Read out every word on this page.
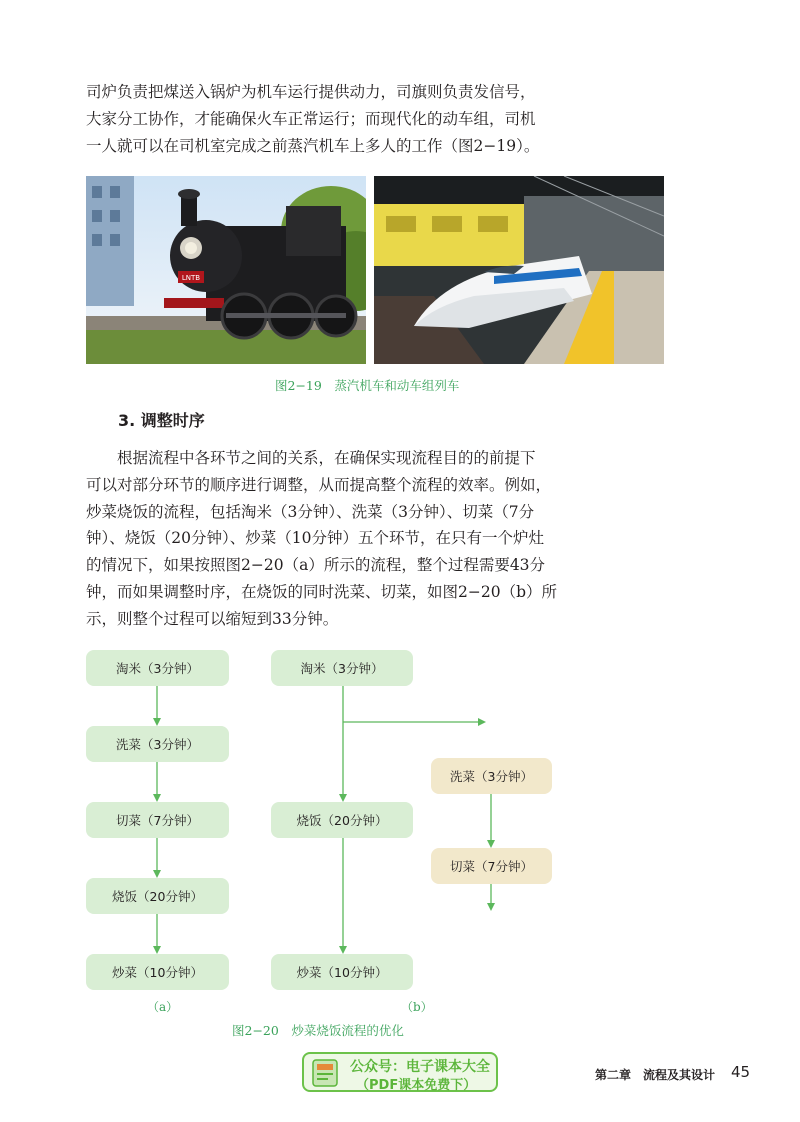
司炉负责把煤送入锅炉为机车运行提供动力，司旗则负责发信号，

大家分工协作，才能确保火车正常运行；而现代化的动车组，司机

一人就可以在司机室完成之前蒸汽机车上多人的工作（图2−19）。

LNTB
图2−19　蒸汽机车和动车组列车
3. 调整时序

根据流程中各环节之间的关系，在确保实现流程目的的前提下

可以对部分环节的顺序进行调整，从而提高整个流程的效率。例如，

炒菜烧饭的流程，包括淘米（3分钟）、洗菜（3分钟）、切菜（7分

钟）、烧饭（20分钟）、炒菜（10分钟）五个环节，在只有一个炉灶

的情况下，如果按照图2−20（a）所示的流程，整个过程需要43分

钟，而如果调整时序，在烧饭的同时洗菜、切菜，如图2−20（b）所

示，则整个过程可以缩短到33分钟。

淘米（3分钟）
洗菜（3分钟）
切菜（7分钟）
烧饭（20分钟）
炒菜（10分钟）
淘米（3分钟）
烧饭（20分钟）
炒菜（10分钟）
洗菜（3分钟）
切菜（7分钟）
（a）	（b）
图2−20　炒菜烧饭流程的优化
公众号：电子课本大全
（PDF课本免费下）
第二章　流程及其设计 45
